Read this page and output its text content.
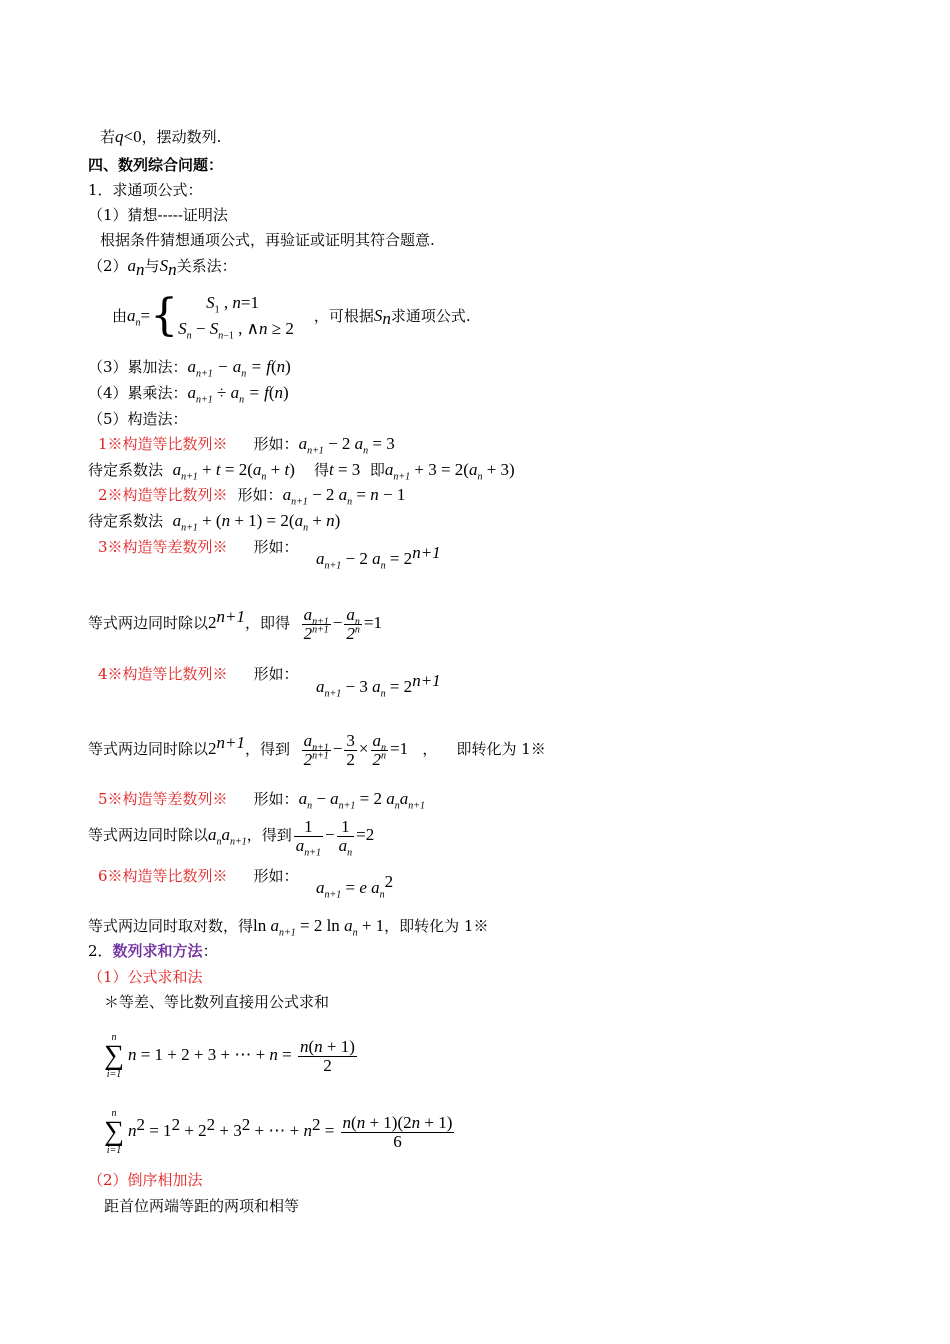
若q<0，摆动数列.
四、数列综合问题：
1．求通项公式：
（1）猜想-----证明法
根据条件猜想通项公式，再验证或证明其符合题意.
$(2)a_n$与$S_n$关系法：
由$a_n=${	$S_1$ , n=1
$S_n - S_{n-1}$ , ∧n ≥ 2
，可根据$S_n$求通项公式.
（3）累加法：$a_{n+1} - a_n = f(n)$
（4）累乘法：$a_{n+1} \div a_n = f(n)$
（5）构造法：
1※构造等比数列※ 形如：$a_{n+1} - 2$ $a_n = 3$
待定系数法 $a_{n+1} + t = 2(a_n + t)$ 得t = 3 即$a_{n+1} + 3 = 2(a_n + 3)$
2※构造等比数列※ 形如：$a_{n+1} - 2$ $a_n = n - 1$
待定系数法 $a_{n+1} + (n + 1) = 2(a_n + n)$
3※构造等差数列※ 形如：
$a_{n+1} - 2$ $a_n = 2^{n+1}$
等式两边同时除以$2^{n+1}$，即得 $\frac{a_{n+1}}{2^{n+1}} - \frac{a_n}{2^n} =1$
4※构造等比数列※ 形如：
$a_{n+1} - 3$ $a_n = 2^{n+1}$
等式两边同时除以$2^{n+1}$，得到 $\frac{a_{n+1}}{2^{n+1}} - \frac{3}{2} \times \frac{a_n}{2^n} =1$ ， 即转化为 1※
5※构造等差数列※ 形如：$a_n - a_{n+1} = 2$ $a_na_{n+1}$
等式两边同时除以$a_na_{n+1}$，得到 $\frac{1}{a_{n+1}} - \frac{1}{a_n} =2$
6※构造等比数列※ 形如：
$a_{n+1} = e$ $a_n^2$
等式两边同时取对数，得$\ln a_{n+1} = 2$ $\ln a_n + 1$，即转化为 1※
2．数列求和方法：
（1）公式求和法
＊等差、等比数列直接用公式求和
n
∑
i=1
n = 1 + 2 + 3 + ⋯ + $n = \frac{n(n + 1)}{2}$
n
∑
i=1
$n^2 = 1^2 + 2^2 + 3^2$ + ⋯ + $n^2 = \frac{n(n + 1)(2n + 1)}{6}$
（2）倒序相加法
距首位两端等距的两项和相等
